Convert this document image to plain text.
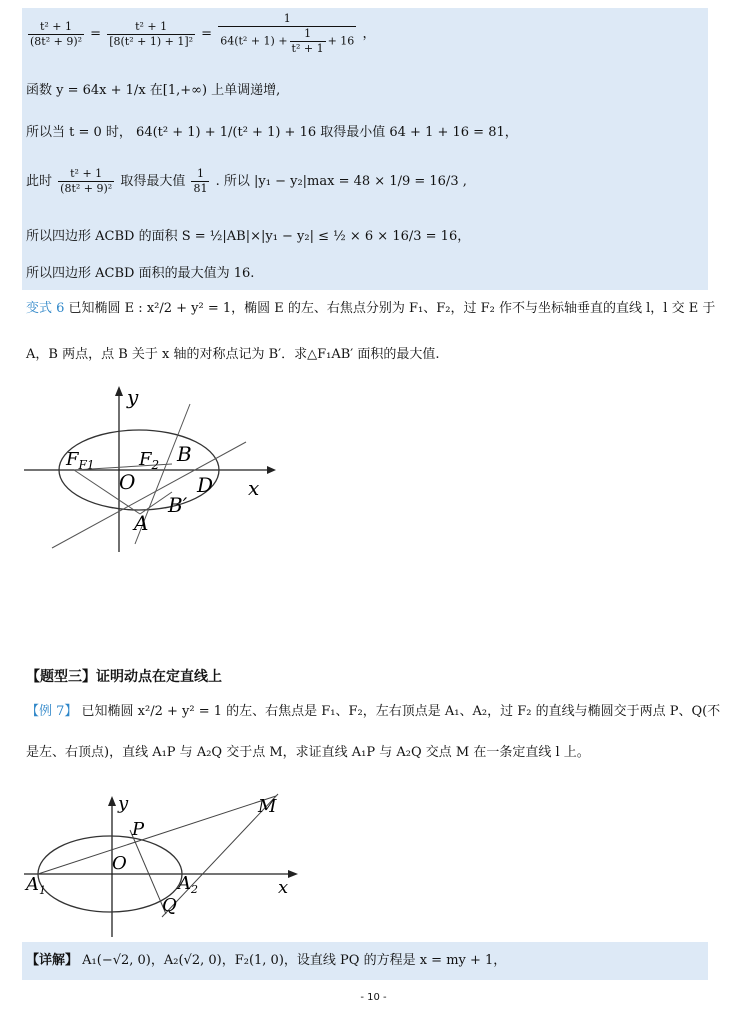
$\frac{\text{t² + 1}}{\text{(8t² + 9)²}} = \frac{\text{t² + 1}}{\text{[8(t² + 1) + 1]²}} = \frac{1}{64(t^2 + 1) + \frac{1}{\text{t² + 1}} + 16}$ ，
函数 y = 64x + 1/x 在[1,+∞) 上单调递增,
所以当 t = 0 时， 64(t² + 1) + 1/(t² + 1) + 16 取得最小值 64 + 1 + 16 = 81，
此时 $\frac{\text{t² + 1}}{\text{(8t² + 9)²}}$ 取得最大值 $\frac{1}{81}$ . 所以 |y₁ − y₂|max = 48 × 1/9 = 16/3 ,
所以四边形 ACBD 的面积 S = ½|AB|×|y₁ − y₂| ≤ ½ × 6 × 16/3 = 16，
所以四边形 ACBD 面积的最大值为 16.
变式 6 已知椭圆 E : x²/2 + y² = 1，椭圆 E 的左、右焦点分别为 F₁、F₂，过 F₂ 作不与坐标轴垂直的直线 l，l 交 E 于
A，B 两点，点 B 关于 x 轴的对称点记为 B′．求△F₁AB′ 面积的最大值.
y
$F_{F1}$ $F_2$ B
O	D x
B′
A
【题型三】证明动点在定直线上
【例 7】 已知椭圆 x²/2 + y² = 1 的左、右焦点是 F₁、F₂，左右顶点是 A₁、A₂，过 F₂ 的直线与椭圆交于两点 P、Q(不
是左、右顶点)，直线 A₁P 与 A₂Q 交于点 M，求证直线 A₁P 与 A₂Q 交点 M 在一条定直线 l 上。
y	M
P
O
$A_1$	$A_2$	x
Q
【详解】 A₁(−√2, 0)，A₂(√2, 0)，F₂(1, 0)，设直线 PQ 的方程是 x = my + 1，
- 10 -
